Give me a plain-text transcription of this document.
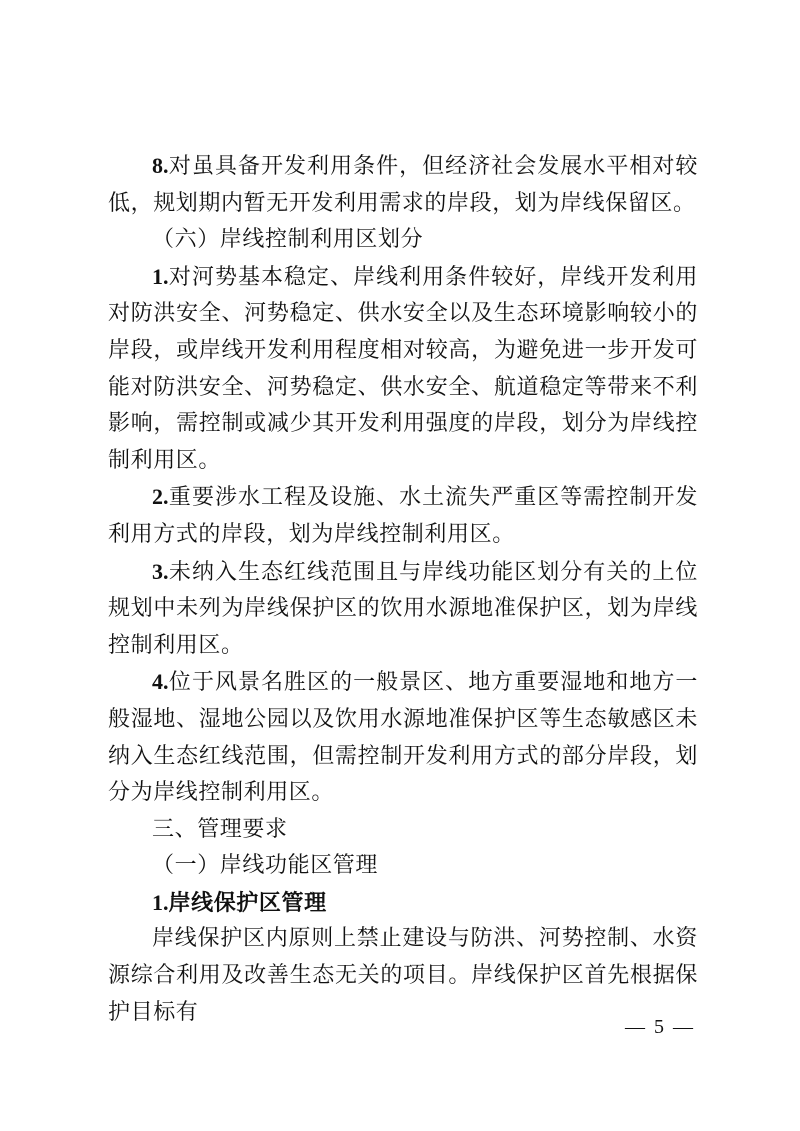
8.对虽具备开发利用条件，但经济社会发展水平相对较低，规划期内暂无开发利用需求的岸段，划为岸线保留区。

（六）岸线控制利用区划分

1.对河势基本稳定、岸线利用条件较好，岸线开发利用对防洪安全、河势稳定、供水安全以及生态环境影响较小的岸段，或岸线开发利用程度相对较高，为避免进一步开发可能对防洪安全、河势稳定、供水安全、航道稳定等带来不利影响，需控制或减少其开发利用强度的岸段，划分为岸线控制利用区。

2.重要涉水工程及设施、水土流失严重区等需控制开发利用方式的岸段，划为岸线控制利用区。

3.未纳入生态红线范围且与岸线功能区划分有关的上位规划中未列为岸线保护区的饮用水源地准保护区，划为岸线控制利用区。

4.位于风景名胜区的一般景区、地方重要湿地和地方一般湿地、湿地公园以及饮用水源地准保护区等生态敏感区未纳入生态红线范围，但需控制开发利用方式的部分岸段，划分为岸线控制利用区。

三、管理要求

（一）岸线功能区管理

1.岸线保护区管理

岸线保护区内原则上禁止建设与防洪、河势控制、水资源综合利用及改善生态无关的项目。岸线保护区首先根据保护目标有

— 5 —
